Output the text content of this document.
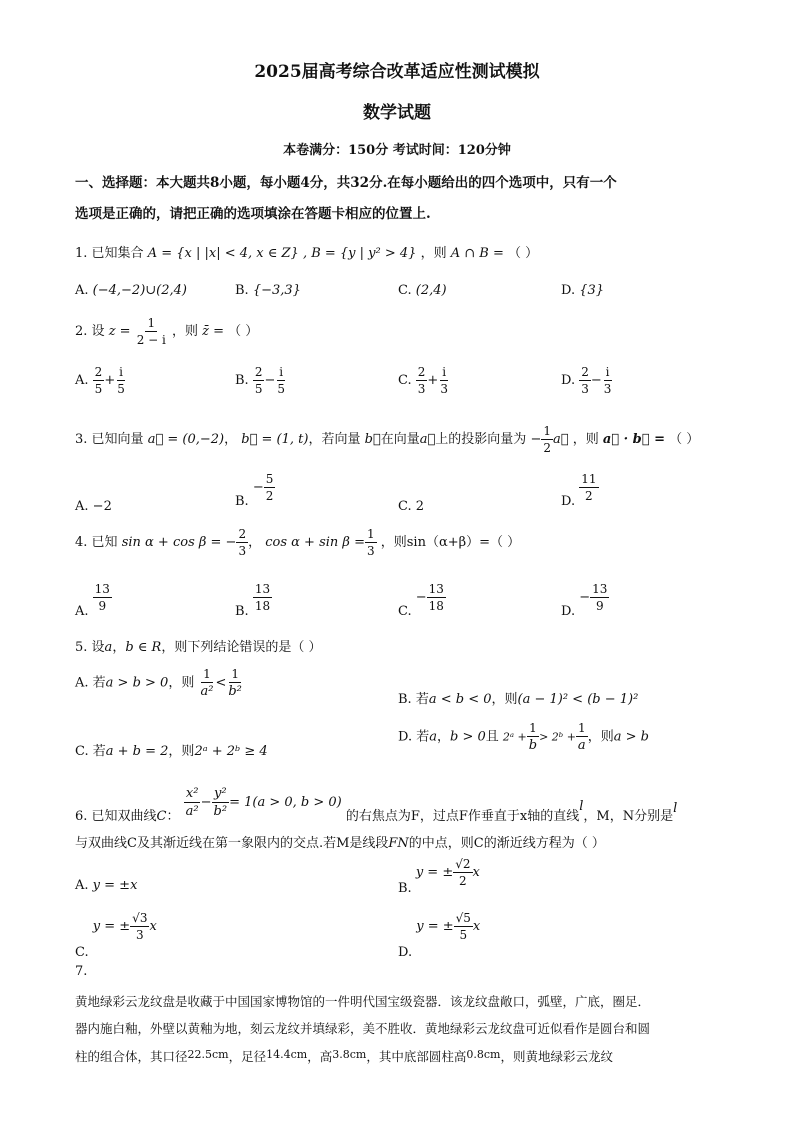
2025届高考综合改革适应性测试模拟
数学试题
本卷满分：150分 考试时间：120分钟
一、选择题：本大题共8小题，每小题4分，共32分.在每小题给出的四个选项中，只有一个
选项是正确的，请把正确的选项填涂在答题卡相应的位置上.
1. 已知集合 A = {x | |x| < 4, x ∈ Z} , B = {y | y² > 4} ，则 A ∩ B = （ ）
A. (−4,−2)∪(2,4)	B. {−3,3}	C. (2,4)	D. {3}
2. 设 $z = \frac{1}{2 - i}$ ，则 z̄ = （ ）
A. $\frac{2}{5} + \frac{i}{5}$	B. $\frac{2}{5} - \frac{i}{5}$	C. $\frac{2}{3} + \frac{i}{3}$	D. $\frac{2}{3} - \frac{i}{3}$
3. 已知向量 a⃗ = (0,−2)， b⃗ = (1, t)，若向量 b⃗在向量a⃗上的投影向量为 − $\frac{1}{2}$ a⃗ ，则 a⃗ · b⃗ = （ ）
A. −2	B. − $\frac{5}{2}$
C. 2	D. $\frac{11}{2}$
4. 已知 sin α + cos β = − $\frac{2}{3}$ ， $\cos \alpha + \sin \beta = \frac{1}{3}$ ，则sin（α+β）=（ ）
A. $\frac{13}{9}$	B. $\frac{13}{18}$	C. − $\frac{13}{18}$	D. − $\frac{13}{9}$
5. 设a，b ∈ R，则下列结论错误的是（ ）
A. 若a > b > 0，则 $\frac{1}{\text{a²}} < \frac{1}{\text{b²}}$
B. 若a < b < 0，则(a − 1)² < (b − 1)²
C. 若a + b = 2，则2ᵃ + 2ᵇ ≥ 4
D. 若a，b > 0且 2ᵃ + $\frac{1}{b}$ > 2ᵇ + $\frac{1}{a}$ ，则a > b
6. 已知双曲线C： $\frac{\text{x²}}{\text{a²}} - \frac{\text{y²}}{\text{b²}} = 1(a > 0$, b > 0) 的右焦点为F，过点F作垂直于x轴的直线l，M，N分别是l
与双曲线C及其渐近线在第一象限内的交点.若M是线段FN的中点，则C的渐近线方程为（ ）
A. y = ±x	B. y = ± $\frac{√2}{2}$ x
C. y = ± $\frac{√3}{3}$ x
D. y = ± $\frac{√5}{5}$ x
7.
黄地绿彩云龙纹盘是收藏于中国国家博物馆的一件明代国宝级瓷器．该龙纹盘敞口，弧壁，广底，圈足．
器内施白釉，外壁以黄釉为地，刻云龙纹并填绿彩，美不胜收．黄地绿彩云龙纹盘可近似看作是圆台和圆
柱的组合体，其口径22.5cm，足径14.4cm，高3.8cm，其中底部圆柱高0.8cm，则黄地绿彩云龙纹
